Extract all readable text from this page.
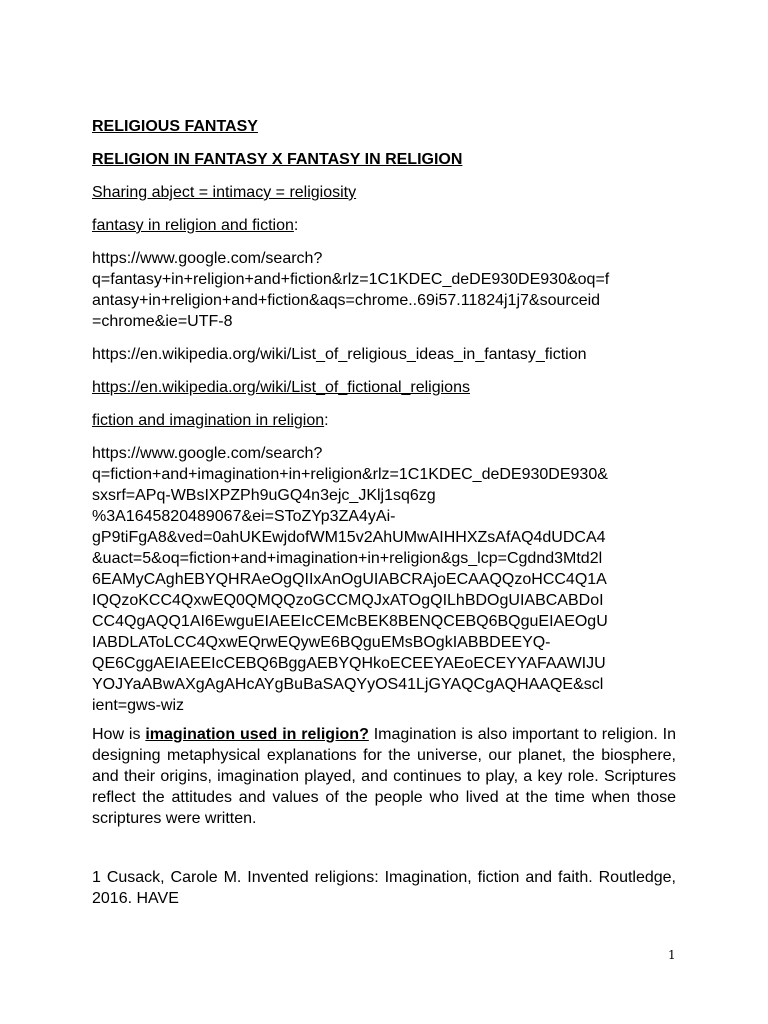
RELIGIOUS FANTASY

RELIGION IN FANTASY X FANTASY IN RELIGION

Sharing abject = intimacy = religiosity

fantasy in religion and fiction:

https://www.google.com/search?

q=fantasy+in+religion+and+fiction&rlz=1C1KDEC_deDE930DE930&oq=f

antasy+in+religion+and+fiction&aqs=chrome..69i57.11824j1j7&sourceid

=chrome&ie=UTF-8

https://en.wikipedia.org/wiki/List_of_religious_ideas_in_fantasy_fiction

https://en.wikipedia.org/wiki/List_of_fictional_religions

fiction and imagination in religion:

https://www.google.com/search?

q=fiction+and+imagination+in+religion&rlz=1C1KDEC_deDE930DE930&

sxsrf=APq-WBsIXPZPh9uGQ4n3ejc_JKlj1sq6zg

%3A1645820489067&ei=SToZYp3ZA4yAi-

gP9tiFgA8&ved=0ahUKEwjdofWM15v2AhUMwAIHHXZsAfAQ4dUDCA4

&uact=5&oq=fiction+and+imagination+in+religion&gs_lcp=Cgdnd3Mtd2l

6EAMyCAghEBYQHRAeOgQIIxAnOgUIABCRAjoECAAQQzoHCC4Q1A

IQQzoKCC4QxwEQ0QMQQzoGCCMQJxATOgQILhBDOgUIABCABDoI

CC4QgAQQ1AI6EwguEIAEEIcCEMcBEK8BENQCEBQ6BQguEIAEOgU

IABDLAToLCC4QxwEQrwEQywE6BQguEMsBOgkIABBDEEYQ-

QE6CggAEIAEEIcCEBQ6BggAEBYQHkoECEEYAEoECEYYAFAAWIJU

YOJYaABwAXgAgAHcAYgBuBaSAQYyOS41LjGYAQCgAQHAAQE&scl

ient=gws-wiz

How is imagination used in religion? Imagination is also important to religion. In designing metaphysical explanations for the universe, our planet, the biosphere, and their origins, imagination played, and continues to play, a key role. Scriptures reflect the attitudes and values of the people who lived at the time when those scriptures were written.

1 Cusack, Carole M. Invented religions: Imagination, fiction and faith. Routledge, 2016. HAVE

1
